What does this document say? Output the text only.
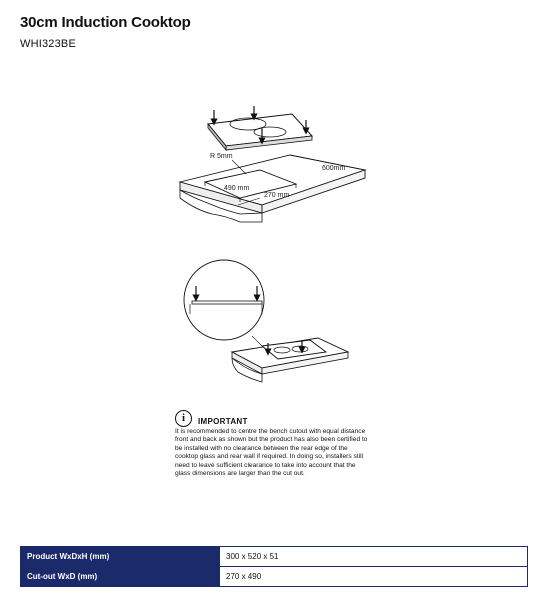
30cm Induction Cooktop
WHI323BE
R 5mm
600mm
490 mm
270 mm
i	IMPORTANT
It is recommended to centre the bench cutout with equal distance front and back as shown but the product has also been certified to be installed with no clearance between the rear edge of the cooktop glass and rear wall if required. In doing so, installers still need to leave sufficient clearance to take into account that the glass dimensions are larger than the cut out.
Product WxDxH (mm)	300 x 520 x 51
Cut-out WxD (mm)	270 x 490
